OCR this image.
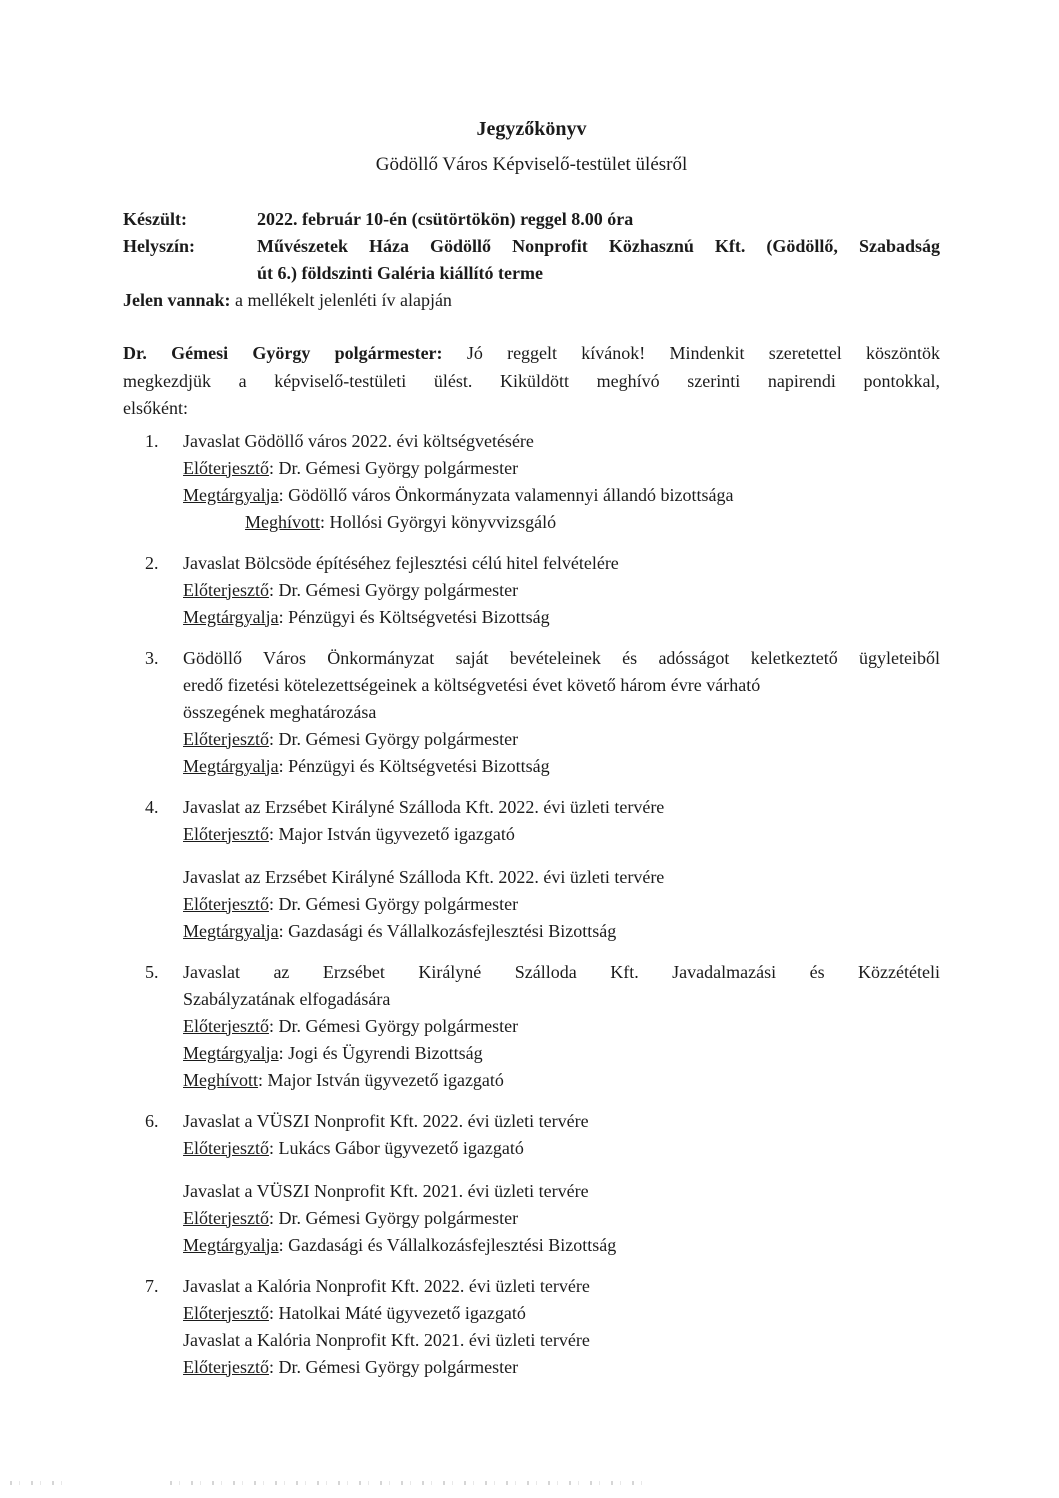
Jegyzőkönyv
Gödöllő Város Képviselő-testület ülésről
Készült:	2022. február 10-én (csütörtökön) reggel 8.00 óra
Helyszín:	Művészetek Háza Gödöllő Nonprofit Közhasznú Kft. (Gödöllő, Szabadság
út 6.) földszinti Galéria kiállító terme
Jelen vannak: a mellékelt jelenléti ív alapján
Dr. Gémesi György polgármester: Jó reggelt kívánok! Mindenkit szeretettel köszöntök
megkezdjük a képviselő-testületi ülést. Kiküldött meghívó szerinti napirendi pontokkal,
elsőként:
1.	Javaslat Gödöllő város 2022. évi költségvetésére
Előterjesztő: Dr. Gémesi György polgármester
Megtárgyalja: Gödöllő város Önkormányzata valamennyi állandó bizottsága
Meghívott: Hollósi Györgyi könyvvizsgáló
2.	Javaslat Bölcsöde építéséhez fejlesztési célú hitel felvételére
Előterjesztő: Dr. Gémesi György polgármester
Megtárgyalja: Pénzügyi és Költségvetési Bizottság
3.	Gödöllő Város Önkormányzat saját bevételeinek és adósságot keletkeztető ügyleteiből
eredő fizetési kötelezettségeinek a költségvetési évet követő három évre várható
összegének meghatározása
Előterjesztő: Dr. Gémesi György polgármester
Megtárgyalja: Pénzügyi és Költségvetési Bizottság
4.	Javaslat az Erzsébet Királyné Szálloda Kft. 2022. évi üzleti tervére
Előterjesztő: Major István ügyvezető igazgató
Javaslat az Erzsébet Királyné Szálloda Kft. 2022. évi üzleti tervére
Előterjesztő: Dr. Gémesi György polgármester
Megtárgyalja: Gazdasági és Vállalkozásfejlesztési Bizottság
5.	Javaslat az Erzsébet Királyné Szálloda Kft. Javadalmazási és Közzétételi
Szabályzatának elfogadására
Előterjesztő: Dr. Gémesi György polgármester
Megtárgyalja: Jogi és Ügyrendi Bizottság
Meghívott: Major István ügyvezető igazgató
6.	Javaslat a VÜSZI Nonprofit Kft. 2022. évi üzleti tervére
Előterjesztő: Lukács Gábor ügyvezető igazgató
Javaslat a VÜSZI Nonprofit Kft. 2021. évi üzleti tervére
Előterjesztő: Dr. Gémesi György polgármester
Megtárgyalja: Gazdasági és Vállalkozásfejlesztési Bizottság
7.	Javaslat a Kalória Nonprofit Kft. 2022. évi üzleti tervére
Előterjesztő: Hatolkai Máté ügyvezető igazgató
Javaslat a Kalória Nonprofit Kft. 2021. évi üzleti tervére
Előterjesztő: Dr. Gémesi György polgármester
